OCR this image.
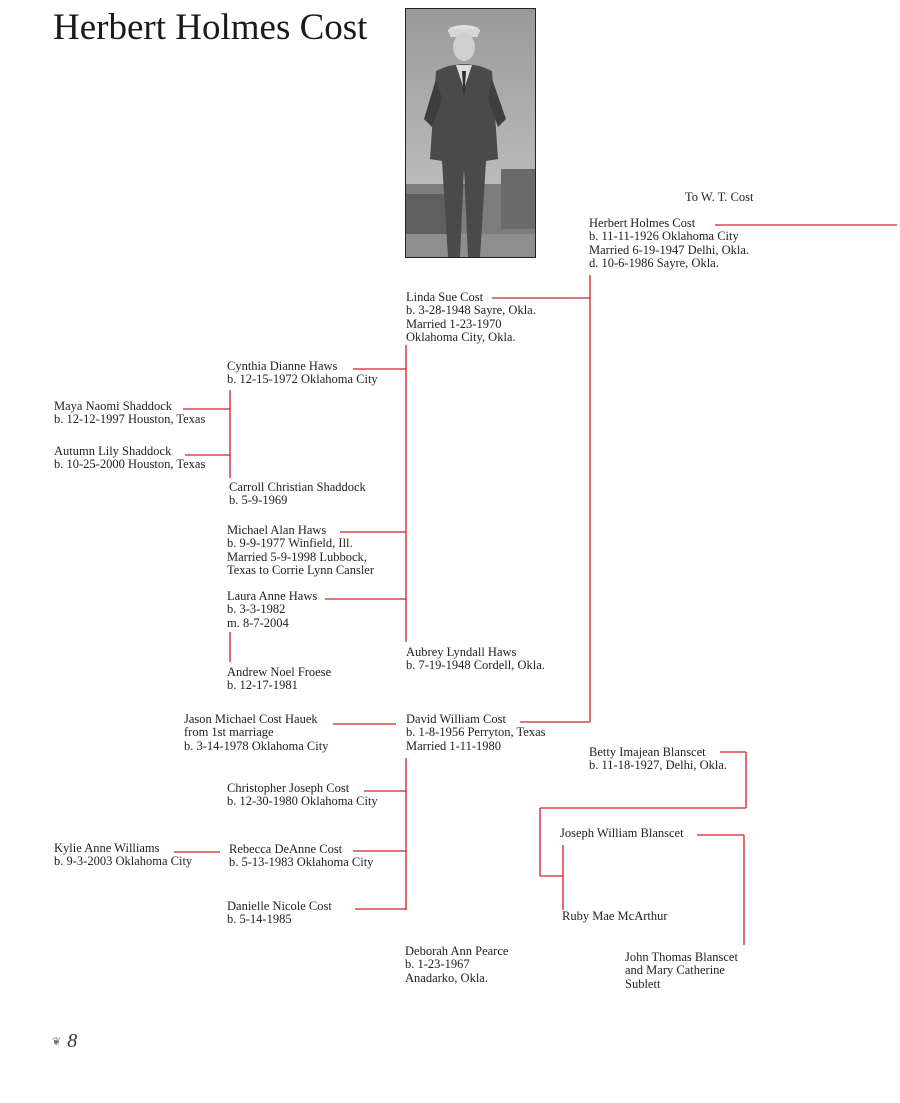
Herbert Holmes Cost
To W. T. Cost
Herbert Holmes Cost
b. 11-11-1926 Oklahoma City
Married 6-19-1947 Delhi, Okla.
d. 10-6-1986 Sayre, Okla.
Linda Sue Cost
b. 3-28-1948 Sayre, Okla.
Married 1-23-1970
Oklahoma City, Okla.
Cynthia Dianne Haws
b. 12-15-1972 Oklahoma City
Maya Naomi Shaddock
b. 12-12-1997 Houston, Texas
Autumn Lily Shaddock
b. 10-25-2000 Houston, Texas
Carroll Christian Shaddock
b. 5-9-1969
Michael Alan Haws
b. 9-9-1977 Winfield, Ill.
Married 5-9-1998 Lubbock,
Texas to Corrie Lynn Cansler
Laura Anne Haws
b. 3-3-1982
m. 8-7-2004
Andrew Noel Froese
b. 12-17-1981
Aubrey Lyndall Haws
b. 7-19-1948 Cordell, Okla.
Jason Michael Cost Hauek
from 1st marriage
b. 3-14-1978 Oklahoma City
David William Cost
b. 1-8-1956 Perryton, Texas
Married 1-11-1980	Betty Imajean Blanscet
b. 11-18-1927, Delhi, Okla.
Christopher Joseph Cost
b. 12-30-1980 Oklahoma City
Joseph William Blanscet
Kylie Anne Williams
b. 9-3-2003 Oklahoma City
Rebecca DeAnne Cost
b. 5-13-1983 Oklahoma City
Danielle Nicole Cost
b. 5-14-1985	Ruby Mae McArthur
Deborah Ann Pearce
b. 1-23-1967
Anadarko, Okla.
John Thomas Blanscet
and Mary Catherine
Sublett
❦ 8
